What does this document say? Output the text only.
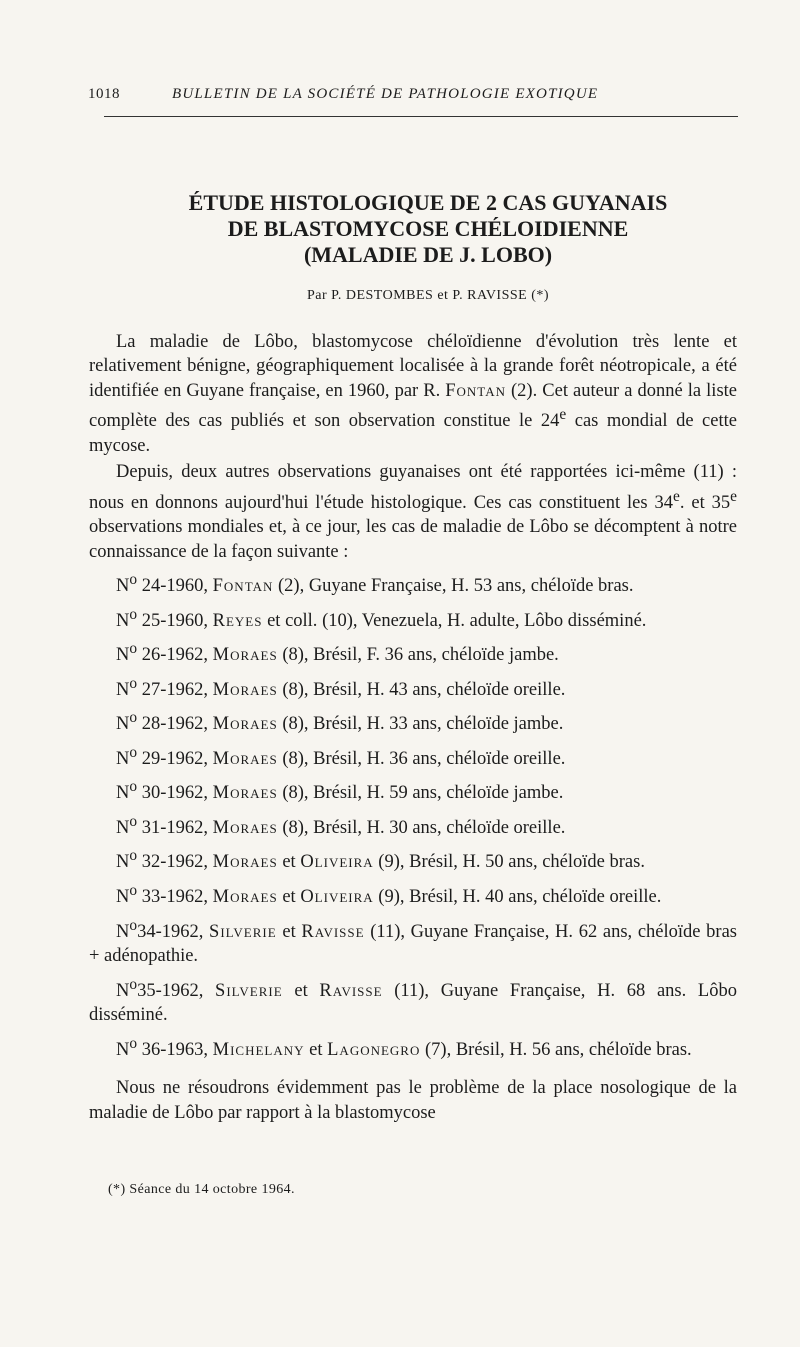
1018	BULLETIN DE LA SOCIÉTÉ DE PATHOLOGIE EXOTIQUE
ÉTUDE HISTOLOGIQUE DE 2 CAS GUYANAIS
DE BLASTOMYCOSE CHÉLOIDIENNE
(MALADIE DE J. LOBO)
Par P. DESTOMBES et P. RAVISSE (*)

La maladie de Lôbo, blastomycose chéloïdienne d'évolution très lente et relativement bénigne, géographiquement localisée à la grande forêt néotropicale, a été identifiée en Guyane française, en 1960, par R. Fontan (2). Cet auteur a donné la liste complète des cas publiés et son observation constitue le 24e cas mondial de cette mycose.

Depuis, deux autres observations guyanaises ont été rapportées ici-même (11) : nous en donnons aujourd'hui l'étude histologique. Ces cas constituent les 34e. et 35e observations mondiales et, à ce jour, les cas de maladie de Lôbo se décomptent à notre connaissance de la façon suivante :

$N^o$ 24-1960, Fontan (2), Guyane Française, H. 53 ans, chéloïde bras.

$N^o$ 25-1960, Reyes et coll. (10), Venezuela, H. adulte, Lôbo disséminé.

$N^o$ 26-1962, Moraes (8), Brésil, F. 36 ans, chéloïde jambe.

$N^o$ 27-1962, Moraes (8), Brésil, H. 43 ans, chéloïde oreille.

$N^o$ 28-1962, Moraes (8), Brésil, H. 33 ans, chéloïde jambe.

$N^o$ 29-1962, Moraes (8), Brésil, H. 36 ans, chéloïde oreille.

$N^o$ 30-1962, Moraes (8), Brésil, H. 59 ans, chéloïde jambe.

$N^o$ 31-1962, Moraes (8), Brésil, H. 30 ans, chéloïde oreille.

$N^o$ 32-1962, Moraes et Oliveira (9), Brésil, H. 50 ans, chéloïde bras.

$N^o$ 33-1962, Moraes et Oliveira (9), Brésil, H. 40 ans, chéloïde oreille.

$N^o34-1962$, Silverie et Ravisse (11), Guyane Française, H. 62 ans, chéloïde bras + adénopathie.

$N^o35-1962$, Silverie et Ravisse (11), Guyane Française, H. 68 ans. Lôbo disséminé.

$N^o$ 36-1963, Michelany et Lagonegro (7), Brésil, H. 56 ans, chéloïde bras.

Nous ne résoudrons évidemment pas le problème de la place nosologique de la maladie de Lôbo par rapport à la blastomycose

(*) Séance du 14 octobre 1964.
